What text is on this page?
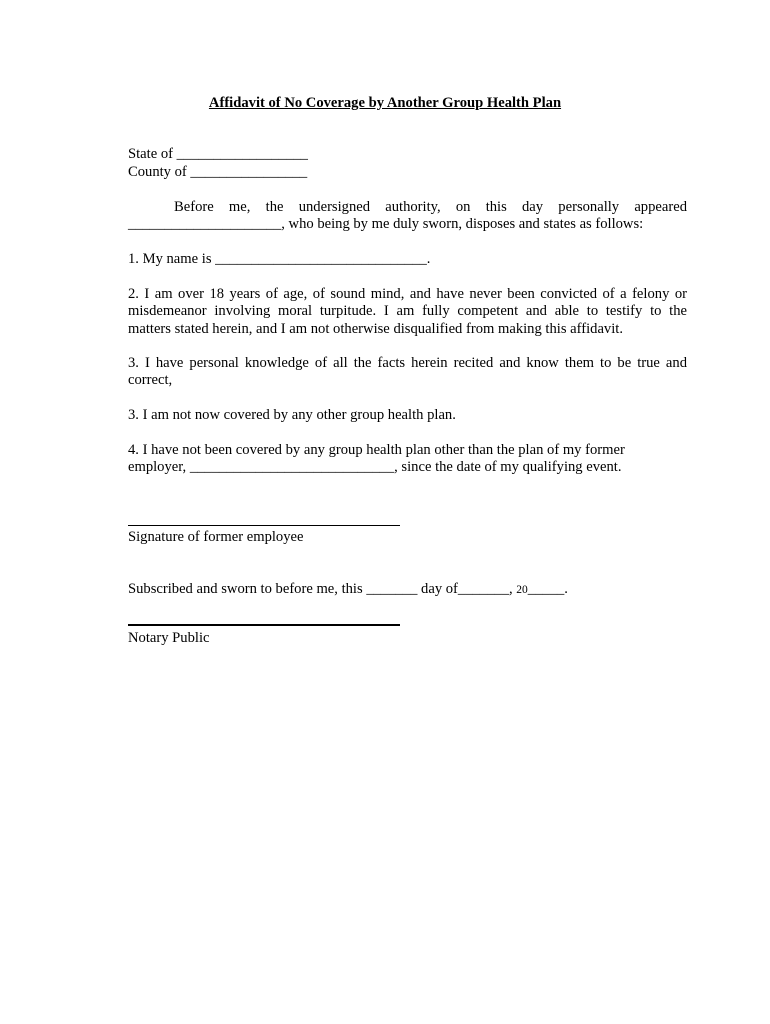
Affidavit of No Coverage by Another Group Health Plan
State of __________________
County of ________________
Before me, the undersigned authority, on this day personally appeared
_____________________, who being by me duly sworn, disposes and states as follows:
1. My name is _____________________________.
2. I am over 18 years of age, of sound mind, and have never been convicted of a felony or
misdemeanor involving moral turpitude. I am fully competent and able to testify to the
matters stated herein, and I am not otherwise disqualified from making this affidavit.
3. I have personal knowledge of all the facts herein recited and know them to be true and
correct,
3. I am not now covered by any other group health plan.
4. I have not been covered by any group health plan other than the plan of my former
employer, ____________________________, since the date of my qualifying event.
Signature of former employee
Subscribed and sworn to before me, this _______ day of_______, 20_____.
Notary Public
